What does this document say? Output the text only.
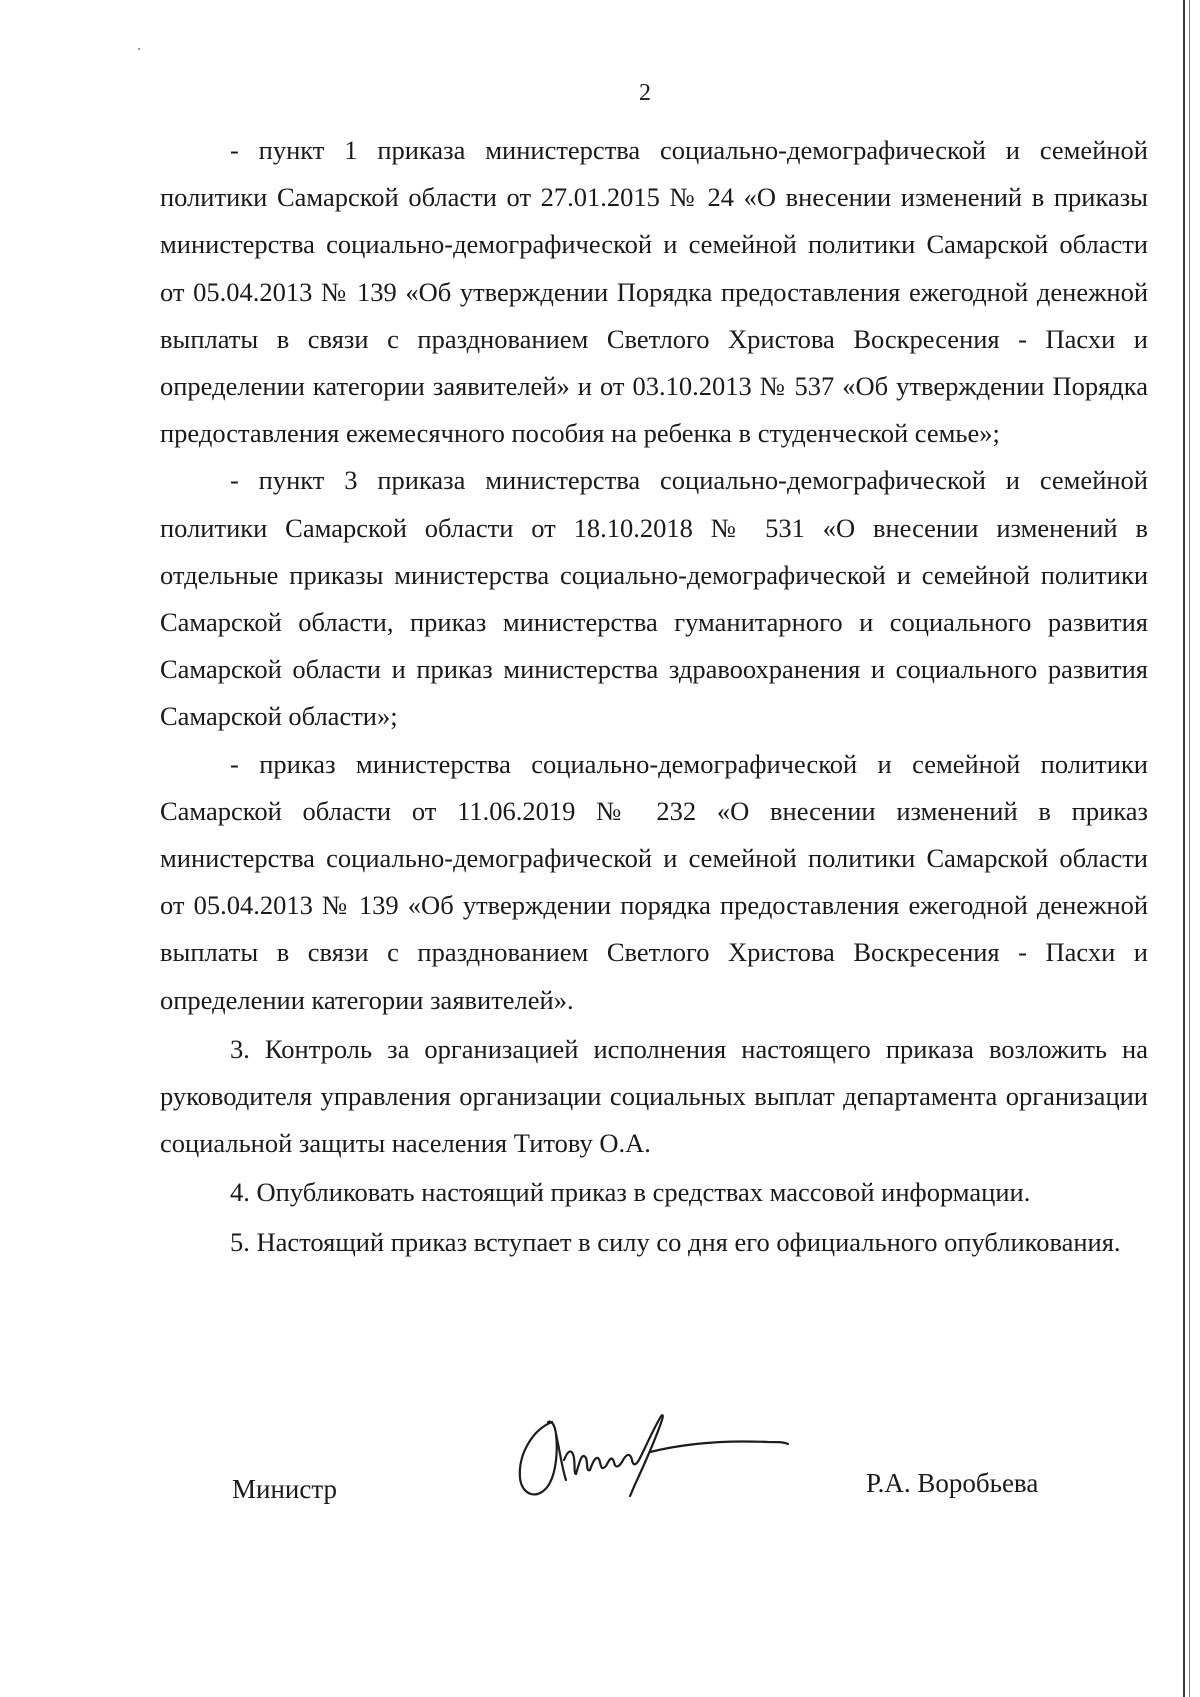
2

- пункт 1 приказа министерства социально-демографической и семейной политики Самарской области от 27.01.2015 № 24 «О внесении изменений в приказы министерства социально-демографической и семейной политики Самарской области от 05.04.2013 № 139 «Об утверждении Порядка предоставления ежегодной денежной выплаты в связи с празднованием Светлого Христова Воскресения - Пасхи и определении категории заявителей» и от 03.10.2013 № 537 «Об утверждении Порядка предоставления ежемесячного пособия на ребенка в студенческой семье»;

- пункт 3 приказа министерства социально-демографической и семейной политики Самарской области от 18.10.2018 № 531 «О внесении изменений в отдельные приказы министерства социально-демографической и семейной политики Самарской области, приказ министерства гуманитарного и социального развития Самарской области и приказ министерства здравоохранения и социального развития Самарской области»;

- приказ министерства социально-демографической и семейной политики Самарской области от 11.06.2019 № 232 «О внесении изменений в приказ министерства социально-демографической и семейной политики Самарской области от 05.04.2013 № 139 «Об утверждении порядка предоставления ежегодной денежной выплаты в связи с празднованием Светлого Христова Воскресения - Пасхи и определении категории заявителей».

3. Контроль за организацией исполнения настоящего приказа возложить на руководителя управления организации социальных выплат департамента организации социальной защиты населения Титову О.А.

4. Опубликовать настоящий приказ в средствах массовой информации.

5. Настоящий приказ вступает в силу со дня его официального опубликования.

Министр	Р.А. Воробьева
